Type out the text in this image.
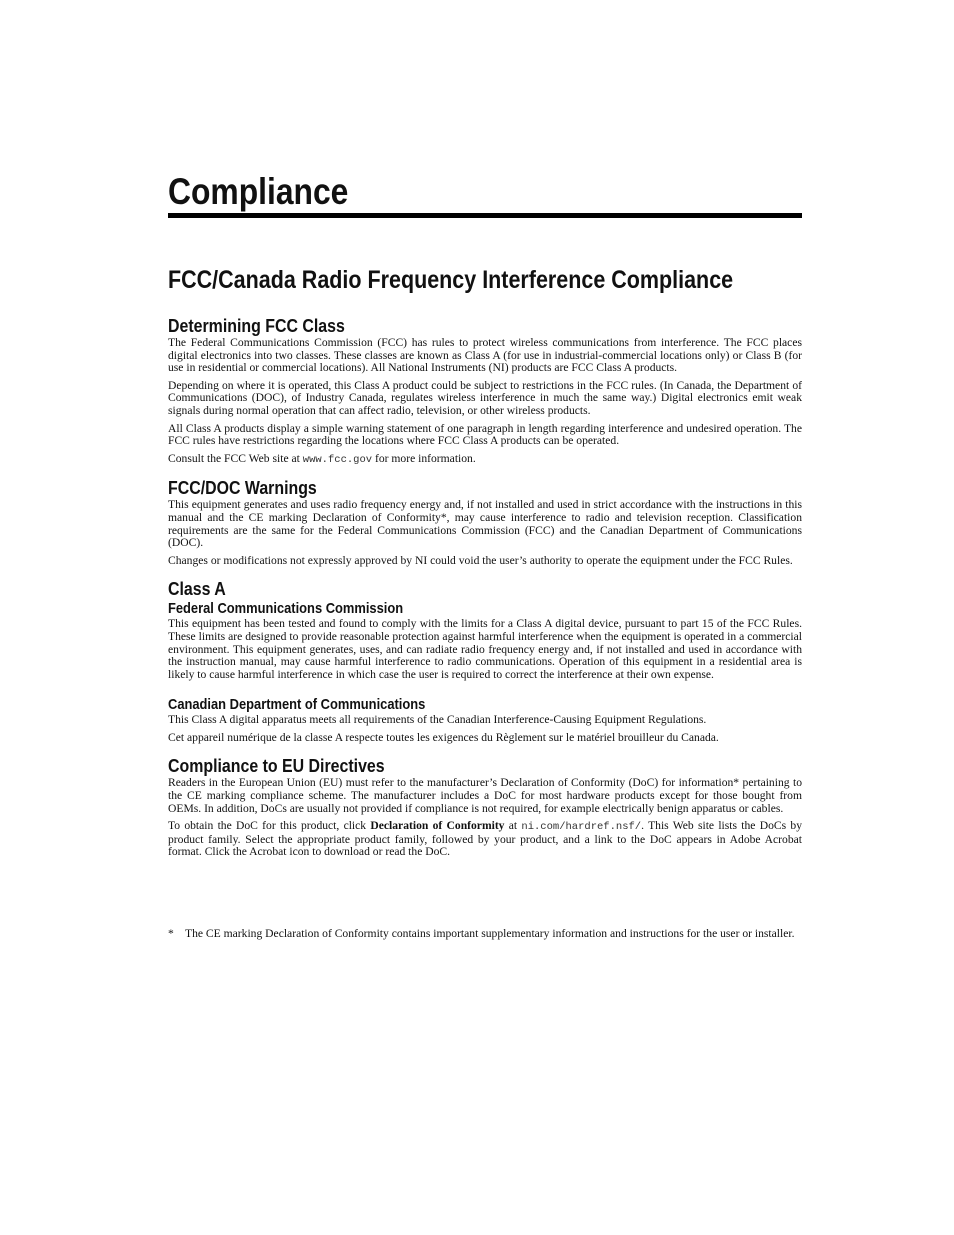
Compliance
FCC/Canada Radio Frequency Interference Compliance
Determining FCC Class

The Federal Communications Commission (FCC) has rules to protect wireless communications from interference. The FCC places digital electronics into two classes. These classes are known as Class A (for use in industrial-commercial locations only) or Class B (for use in residential or commercial locations). All National Instruments (NI) products are FCC Class A products.

Depending on where it is operated, this Class A product could be subject to restrictions in the FCC rules. (In Canada, the Department of Communications (DOC), of Industry Canada, regulates wireless interference in much the same way.) Digital electronics emit weak signals during normal operation that can affect radio, television, or other wireless products.

All Class A products display a simple warning statement of one paragraph in length regarding interference and undesired operation. The FCC rules have restrictions regarding the locations where FCC Class A products can be operated.

Consult the FCC Web site at www.fcc.gov for more information.

FCC/DOC Warnings

This equipment generates and uses radio frequency energy and, if not installed and used in strict accordance with the instructions in this manual and the CE marking Declaration of Conformity*, may cause interference to radio and television reception. Classification requirements are the same for the Federal Communications Commission (FCC) and the Canadian Department of Communications (DOC).

Changes or modifications not expressly approved by NI could void the user’s authority to operate the equipment under the FCC Rules.

Class A
Federal Communications Commission

This equipment has been tested and found to comply with the limits for a Class A digital device, pursuant to part 15 of the FCC Rules. These limits are designed to provide reasonable protection against harmful interference when the equipment is operated in a commercial environment. This equipment generates, uses, and can radiate radio frequency energy and, if not installed and used in accordance with the instruction manual, may cause harmful interference to radio communications. Operation of this equipment in a residential area is likely to cause harmful interference in which case the user is required to correct the interference at their own expense.

Canadian Department of Communications

This Class A digital apparatus meets all requirements of the Canadian Interference-Causing Equipment Regulations.

Cet appareil numérique de la classe A respecte toutes les exigences du Règlement sur le matériel brouilleur du Canada.

Compliance to EU Directives

Readers in the European Union (EU) must refer to the manufacturer’s Declaration of Conformity (DoC) for information* pertaining to the CE marking compliance scheme. The manufacturer includes a DoC for most hardware products except for those bought from OEMs. In addition, DoCs are usually not provided if compliance is not required, for example electrically benign apparatus or cables.

To obtain the DoC for this product, click Declaration of Conformity at ni.com/hardref.nsf/. This Web site lists the DoCs by product family. Select the appropriate product family, followed by your product, and a link to the DoC appears in Adobe Acrobat format. Click the Acrobat icon to download or read the DoC.

* The CE marking Declaration of Conformity contains important supplementary information and instructions for the user or installer.
